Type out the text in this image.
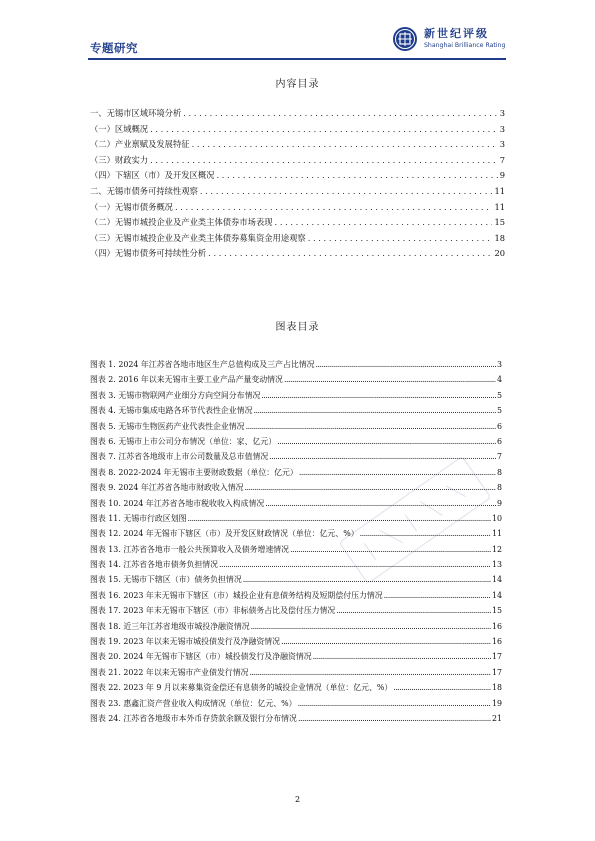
专题研究
新世纪评级
Shanghai Brilliance Rating
内容目录
一、无锡市区域环境分析 . . .	3
（一）区域概况 . . .	3
（二）产业禀赋及发展特征 . . .	3
（三）财政实力 . . .	7
（四）下辖区（市）及开发区概况 . . .	9
二、无锡市债务可持续性观察 . . .	11
（一）无锡市债务概况 . . .	11
（二）无锡市城投企业及产业类主体债券市场表现 . . .	15
（三）无锡市城投企业及产业类主体债券募集资金用途观察 . . .	18
（四）无锡市债务可持续性分析 . . .	20
图表目录
图表 1. 2024 年江苏省各地市地区生产总值构成及三产占比情况 .....	3
图表 2. 2016 年以来无锡市主要工业产品产量变动情况 .....	4
图表 3. 无锡市物联网产业细分方向空间分布情况 .....	5
图表 4. 无锡市集成电路各环节代表性企业情况 .....	5
图表 5. 无锡市生物医药产业代表性企业情况 .....	6
图表 6. 无锡市上市公司分布情况（单位：家、亿元） .....	6
图表 7. 江苏省各地级市上市公司数量及总市值情况 .....	7
图表 8. 2022-2024 年无锡市主要财政数据（单位：亿元） .....	8
图表 9. 2024 年江苏省各地市财政收入情况 .....	8
图表 10. 2024 年江苏省各地市税收收入构成情况 .....	9
图表 11. 无锡市行政区划图 .....	10
图表 12. 2024 年无锡市下辖区（市）及开发区财政情况（单位：亿元、%） .....	11
图表 13. 江苏省各地市一般公共预算收入及债务增速情况 .....	12
图表 14. 江苏省各地市债务负担情况 .....	13
图表 15. 无锡市下辖区（市）债务负担情况 .....	14
图表 16. 2023 年末无锡市下辖区（市）城投企业有息债务结构及短期偿付压力情况 .....	14
图表 17. 2023 年末无锡市下辖区（市）非标债务占比及偿付压力情况 .....	15
图表 18. 近三年江苏省地级市城投净融资情况 .....	16
图表 19. 2023 年以来无锡市城投债发行及净融资情况 .....	16
图表 20. 2024 年无锡市下辖区（市）城投债发行及净融资情况 .....	17
图表 21. 2022 年以来无锡市产业债发行情况 .....	17
图表 22. 2023 年 9 月以来募集资金偿还有息债务的城投企业情况（单位：亿元、%） .....	18
图表 23. 惠鑫汇资产营业收入构成情况（单位：亿元、%） .....	19
图表 24. 江苏省各地级市本外币存贷款余额及银行分布情况 .....	21
2
